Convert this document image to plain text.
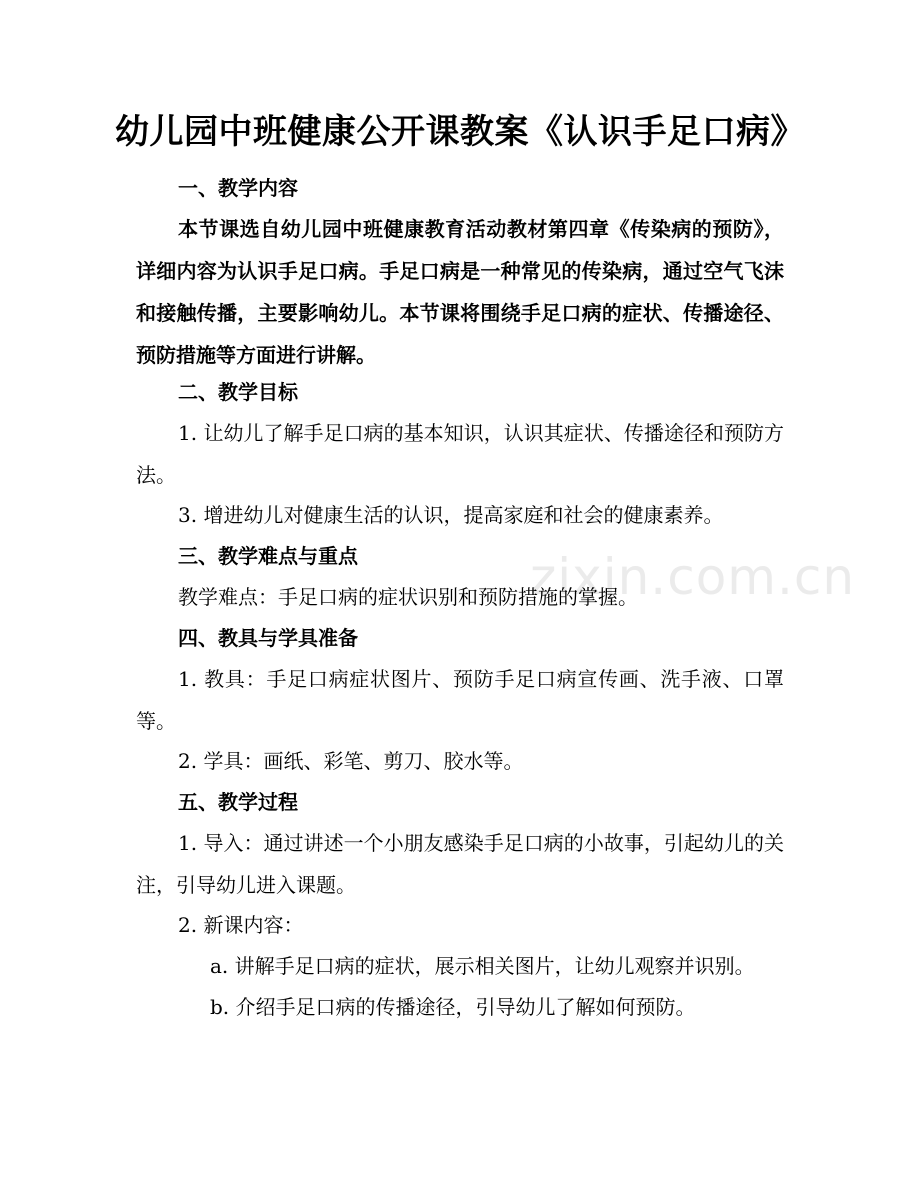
zixin.com.cn
幼儿园中班健康公开课教案《认识手足口病》
一、教学内容
本节课选自幼儿园中班健康教育活动教材第四章《传染病的预防》，详细内容为认识手足口病。手足口病是一种常见的传染病，通过空气飞沫和接触传播，主要影响幼儿。本节课将围绕手足口病的症状、传播途径、预防措施等方面进行讲解。
二、教学目标
1. 让幼儿了解手足口病的基本知识，认识其症状、传播途径和预防方法。
3. 增进幼儿对健康生活的认识，提高家庭和社会的健康素养。
三、教学难点与重点
教学难点：手足口病的症状识别和预防措施的掌握。
四、教具与学具准备
1. 教具：手足口病症状图片、预防手足口病宣传画、洗手液、口罩等。
2. 学具：画纸、彩笔、剪刀、胶水等。
五、教学过程
1. 导入：通过讲述一个小朋友感染手足口病的小故事，引起幼儿的关注，引导幼儿进入课题。
2. 新课内容：
a. 讲解手足口病的症状，展示相关图片，让幼儿观察并识别。
b. 介绍手足口病的传播途径，引导幼儿了解如何预防。
